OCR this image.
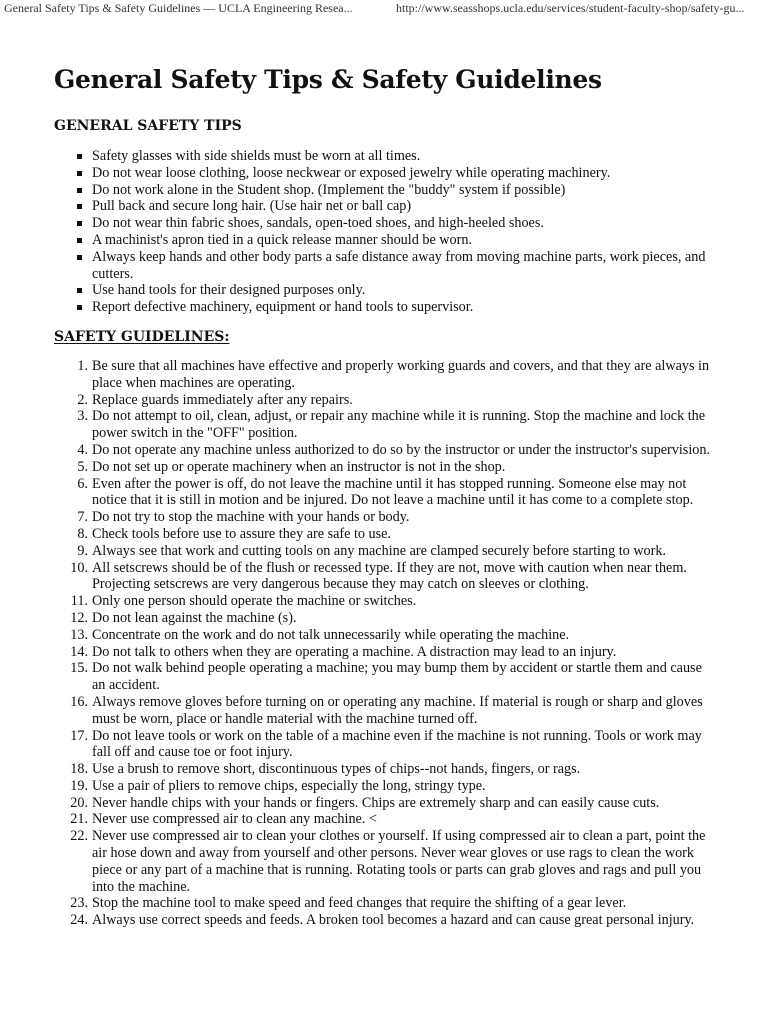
General Safety Tips & Safety Guidelines — UCLA Engineering Resea...	http://www.seasshops.ucla.edu/services/student-faculty-shop/safety-gu...
General Safety Tips & Safety Guidelines
GENERAL SAFETY TIPS
Safety glasses with side shields must be worn at all times.
Do not wear loose clothing, loose neckwear or exposed jewelry while operating machinery.
Do not work alone in the Student shop. (Implement the "buddy" system if possible)
Pull back and secure long hair. (Use hair net or ball cap)
Do not wear thin fabric shoes, sandals, open-toed shoes, and high-heeled shoes.
A machinist's apron tied in a quick release manner should be worn.
Always keep hands and other body parts a safe distance away from moving machine parts, work pieces, and cutters.
Use hand tools for their designed purposes only.
Report defective machinery, equipment or hand tools to supervisor.
SAFETY GUIDELINES:
1. Be sure that all machines have effective and properly working guards and covers, and that they are always in place when machines are operating.
2. Replace guards immediately after any repairs.
3. Do not attempt to oil, clean, adjust, or repair any machine while it is running. Stop the machine and lock the power switch in the "OFF" position.
4. Do not operate any machine unless authorized to do so by the instructor or under the instructor's supervision.
5. Do not set up or operate machinery when an instructor is not in the shop.
6. Even after the power is off, do not leave the machine until it has stopped running. Someone else may not notice that it is still in motion and be injured. Do not leave a machine until it has come to a complete stop.
7. Do not try to stop the machine with your hands or body.
8. Check tools before use to assure they are safe to use.
9. Always see that work and cutting tools on any machine are clamped securely before starting to work.
10. All setscrews should be of the flush or recessed type. If they are not, move with caution when near them. Projecting setscrews are very dangerous because they may catch on sleeves or clothing.
11. Only one person should operate the machine or switches.
12. Do not lean against the machine (s).
13. Concentrate on the work and do not talk unnecessarily while operating the machine.
14. Do not talk to others when they are operating a machine. A distraction may lead to an injury.
15. Do not walk behind people operating a machine; you may bump them by accident or startle them and cause an accident.
16. Always remove gloves before turning on or operating any machine. If material is rough or sharp and gloves must be worn, place or handle material with the machine turned off.
17. Do not leave tools or work on the table of a machine even if the machine is not running. Tools or work may fall off and cause toe or foot injury.
18. Use a brush to remove short, discontinuous types of chips--not hands, fingers, or rags.
19. Use a pair of pliers to remove chips, especially the long, stringy type.
20. Never handle chips with your hands or fingers. Chips are extremely sharp and can easily cause cuts.
21. Never use compressed air to clean any machine. <
22. Never use compressed air to clean your clothes or yourself. If using compressed air to clean a part, point the air hose down and away from yourself and other persons. Never wear gloves or use rags to clean the work piece or any part of a machine that is running. Rotating tools or parts can grab gloves and rags and pull you into the machine.
23. Stop the machine tool to make speed and feed changes that require the shifting of a gear lever.
24. Always use correct speeds and feeds. A broken tool becomes a hazard and can cause great personal injury.
